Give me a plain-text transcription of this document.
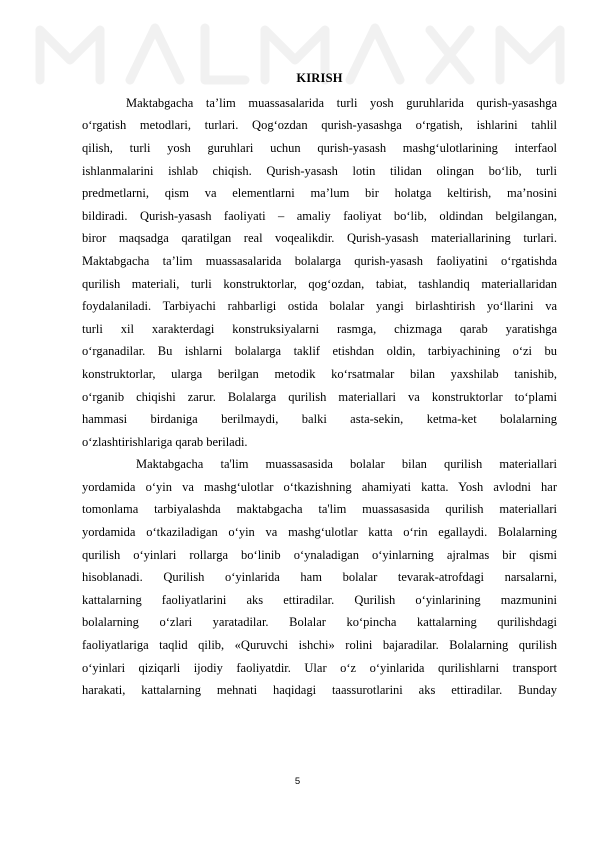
KIRISH
Maktabgacha ta’lim muassasalarida turli yosh guruhlarida qurish-yasashga
o‘rgatish metodlari, turlari. Qog‘ozdan qurish-yasashga o‘rgatish, ishlarini tahlil
qilish, turli yosh guruhlari uchun qurish-yasash mashg‘ulotlarining interfaol
ishlanmalarini ishlab chiqish. Qurish-yasash lotin tilidan olingan bo‘lib, turli
predmetlarni, qism va elementlarni ma’lum bir holatga keltirish, ma’nosini
bildiradi. Qurish-yasash faoliyati – amaliy faoliyat bo‘lib, oldindan belgilangan,
biror maqsadga qaratilgan real voqealikdir. Qurish-yasash materiallarining turlari.
Maktabgacha ta’lim muassasalarida bolalarga qurish-yasash faoliyatini o‘rgatishda
qurilish materiali, turli konstruktorlar, qog‘ozdan, tabiat, tashlandiq materiallaridan
foydalaniladi. Tarbiyachi rahbarligi ostida bolalar yangi birlashtirish yo‘llarini va
turli xil xarakterdagi konstruksiyalarni rasmga, chizmaga qarab yaratishga
o‘rganadilar. Bu ishlarni bolalarga taklif etishdan oldin, tarbiyachining o‘zi bu
konstruktorlar, ularga berilgan metodik ko‘rsatmalar bilan yaxshilab tanishib,
o‘rganib chiqishi zarur. Bolalarga qurilish materiallari va konstruktorlar to‘plami
hammasi birdaniga berilmaydi, balki asta-sekin, ketma-ket bolalarning
o‘zlashtirishlariga qarab beriladi.
Maktabgacha ta'lim muassasasida bolalar bilan qurilish materiallari
yordamida o‘yin va mashg‘ulotlar o‘tkazishning ahamiyati katta. Yosh avlodni har
tomonlama tarbiyalashda maktabgacha ta'lim muassasasida qurilish materiallari
yordamida o‘tkaziladigan o‘yin va mashg‘ulotlar katta o‘rin egallaydi. Bolalarning
qurilish o‘yinlari rollarga bo‘linib o‘ynaladigan o‘yinlarning ajralmas bir qismi
hisoblanadi. Qurilish o‘yinlarida ham bolalar tevarak-atrofdagi narsalarni,
kattalarning faoliyatlarini aks ettiradilar. Qurilish o‘yinlarining mazmunini
bolalarning o‘zlari yaratadilar. Bolalar ko‘pincha kattalarning qurilishdagi
faoliyatlariga taqlid qilib, «Quruvchi ishchi» rolini bajaradilar. Bolalarning qurilish
o‘yinlari qiziqarli ijodiy faoliyatdir. Ular o‘z o‘yinlarida qurilishlarni transport
harakati, kattalarning mehnati haqidagi taassurotlarini aks ettiradilar. Bunday
5
